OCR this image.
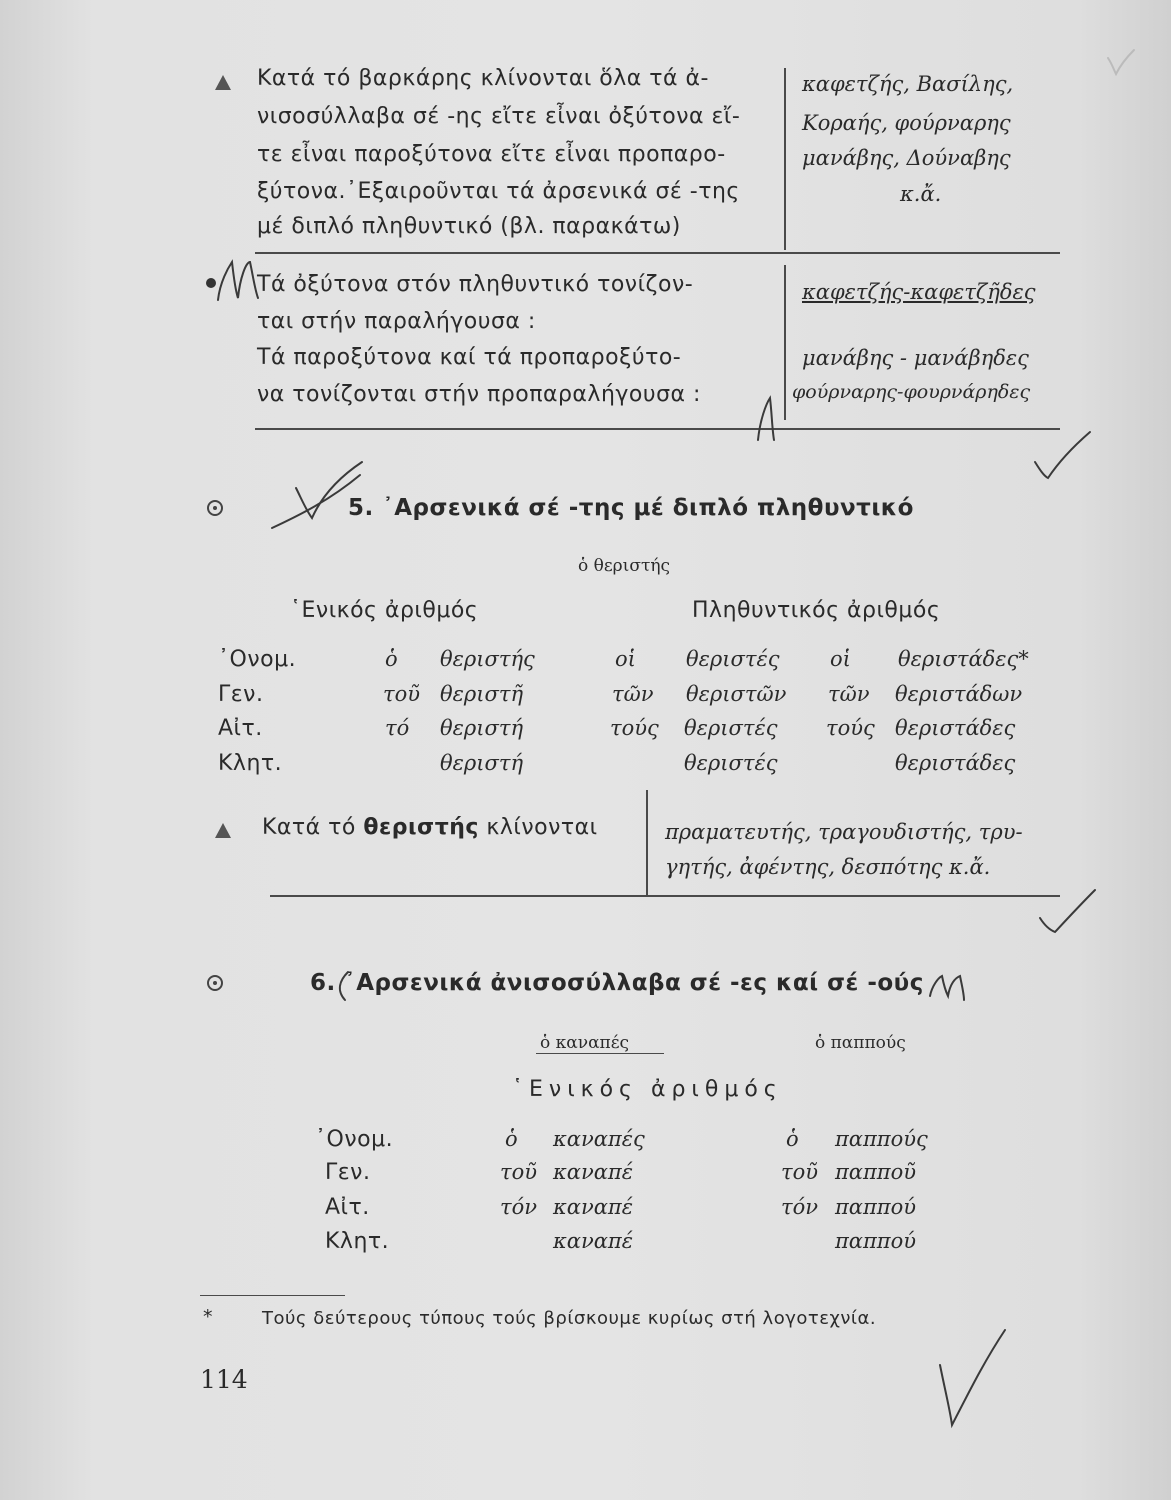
Κατά τό βαρκάρης κλίνονται ὅλα τά ἀ-
νισοσύλλαβα σέ -ης εἴτε εἶναι ὀξύτονα εἴ-
τε εἶναι παροξύτονα εἴτε εἶναι προπαρο-
ξύτονα.᾿Εξαιροῦνται τά ἀρσενικά σέ -της
μέ διπλό πληθυντικό (βλ. παρακάτω)
καφετζής, Βασίλης,
Κοραής, φούρναρης
μανάβης, Δούναβης
κ.ἄ.
Τά ὀξύτονα στόν πληθυντικό τονίζον-
ται στήν παραλήγουσα :
Τά παροξύτονα καί τά προπαροξύτο-
να τονίζονται στήν προπαραλήγουσα :
καφετζής-καφετζῆδες
μανάβης - μανάβηδες
φούρναρης-φουρνάρηδες
5. ᾿Αρσενικά σέ -της μέ διπλό πληθυντικό
ὁ θεριστής
῾Ενικός ἀριθμός	Πληθυντικός ἀριθμός
᾿Ονομ.	ὁ θεριστής	οἱ θεριστές οἱ θεριστάδες*
Γεν.	τοῦ θεριστῆ	τῶν θεριστῶν τῶν θεριστάδων
Αἰτ.	τό θεριστή	τούς θεριστές τούς θεριστάδες
Κλητ.	θεριστή	θεριστές	θεριστάδες
Κατά τό θεριστής κλίνονται	πραματευτής, τραγουδιστής, τρυ-
γητής, ἀφέντης, δεσπότης κ.ἄ.
6. ᾿Αρσενικά ἀνισοσύλλαβα σέ -ες καί σέ -ούς
ὁ καναπές	ὁ παππούς
῾Ενικός ἀριθμός
᾿Ονομ.	ὁ καναπές	ὁ παππούς
Γεν.	τοῦ καναπέ	τοῦ παπποῦ
Αἰτ.	τόν καναπέ	τόν παππού
Κλητ.	καναπέ	παππού
*	Τούς δεύτερους τύπους τούς βρίσκουμε κυρίως στή λογοτεχνία.
114
